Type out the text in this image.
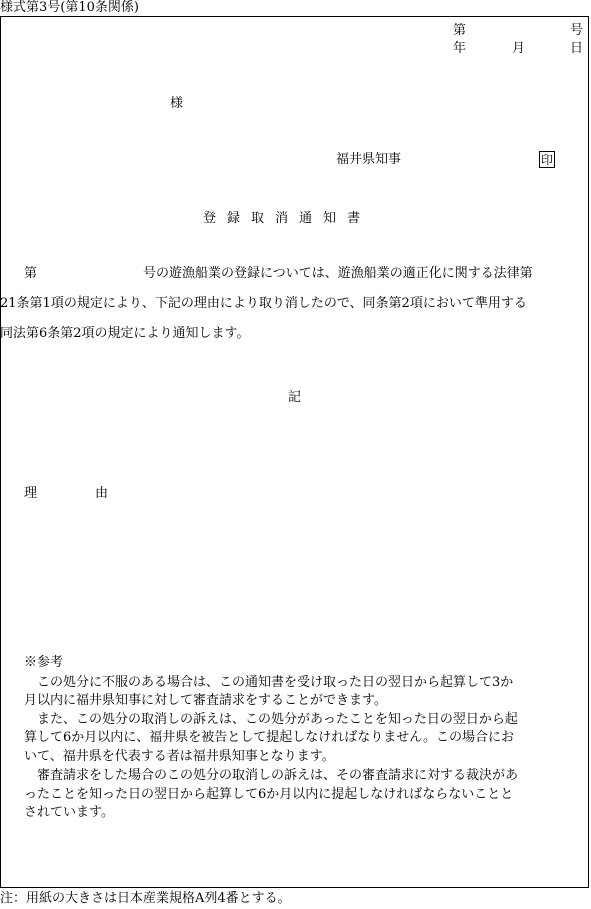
様式第3号(第10条関係)
第	号
年	月	日
様
福井県知事	印
登録取消通知書
第	号の遊漁船業の登録については、遊漁船業の適正化に関する法律第
21条第1項の規定により、下記の理由により取り消したので、同条第2項において準用する
同法第6条第2項の規定により通知します。
記
理	由
※参考
　この処分に不服のある場合は、この通知書を受け取った日の翌日から起算して3か
月以内に福井県知事に対して審査請求をすることができます。
　また、この処分の取消しの訴えは、この処分があったことを知った日の翌日から起
算して6か月以内に、福井県を被告として提起しなければなりません。この場合にお
いて、福井県を代表する者は福井県知事となります。
　審査請求をした場合のこの処分の取消しの訴えは、その審査請求に対する裁決があ
ったことを知った日の翌日から起算して6か月以内に提起しなければならないことと
されています。
注：用紙の大きさは日本産業規格A列4番とする。
